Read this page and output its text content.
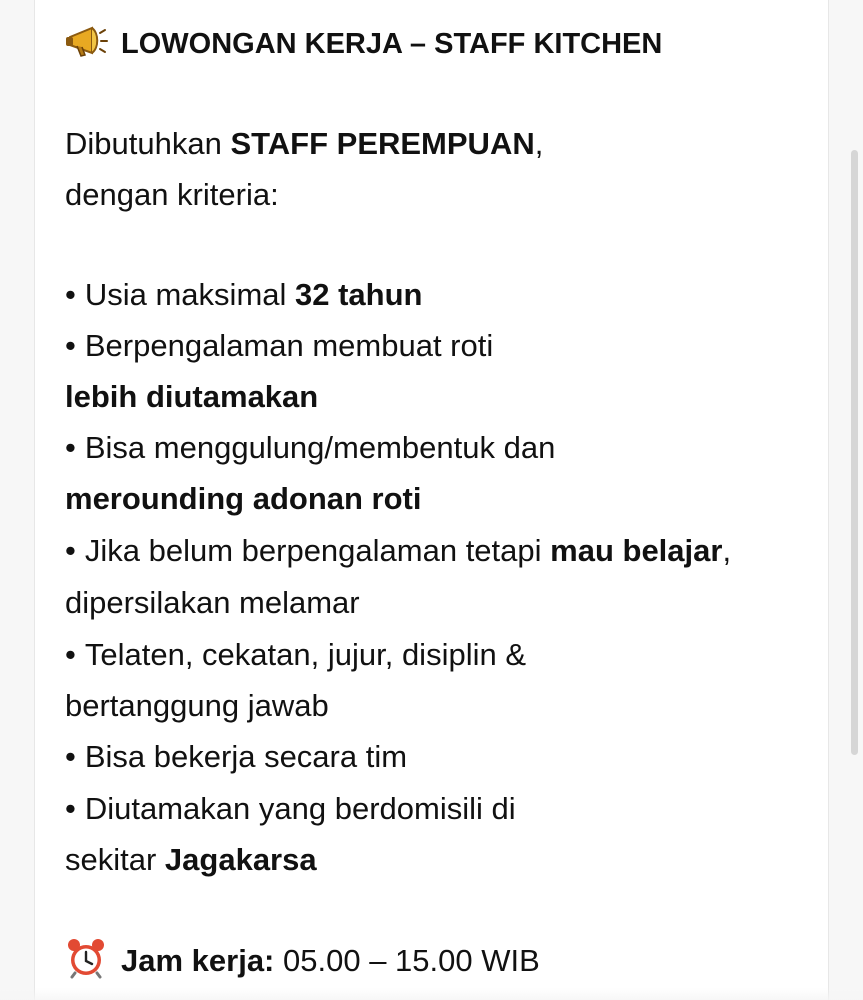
LOWONGAN KERJA – STAFF KITCHEN
Dibutuhkan STAFF PEREMPUAN,
dengan kriteria:
• Usia maksimal 32 tahun
• Berpengalaman membuat roti
lebih diutamakan
• Bisa menggulung/membentuk dan
merounding adonan roti
• Jika belum berpengalaman tetapi mau belajar,
dipersilakan melamar
• Telaten, cekatan, jujur, disiplin &
bertanggung jawab
• Bisa bekerja secara tim
• Diutamakan yang berdomisili di
sekitar Jagakarsa
Jam kerja: 05.00 – 15.00 WIB
